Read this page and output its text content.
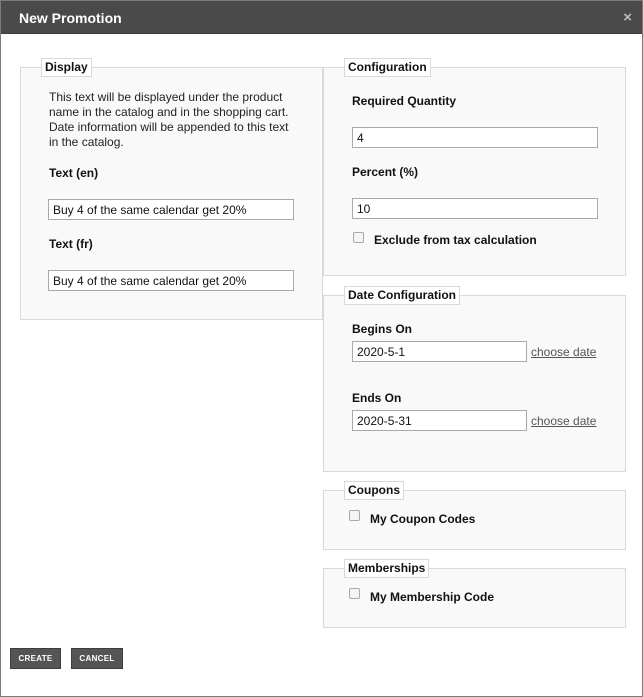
New Promotion	×
Display
This text will be displayed under the product name in the catalog and in the shopping cart. Date information will be appended to this text in the catalog.
Text (en)
Buy 4 of the same calendar get 20%
Text (fr)
Buy 4 of the same calendar get 20%
Configuration
Required Quantity
4
Percent (%)
10
Exclude from tax calculation
Date Configuration
Begins On
2020-5-1
choose date
Ends On
2020-5-31
choose date
Coupons
My Coupon Codes
Memberships
My Membership Code
CREATE	CANCEL
